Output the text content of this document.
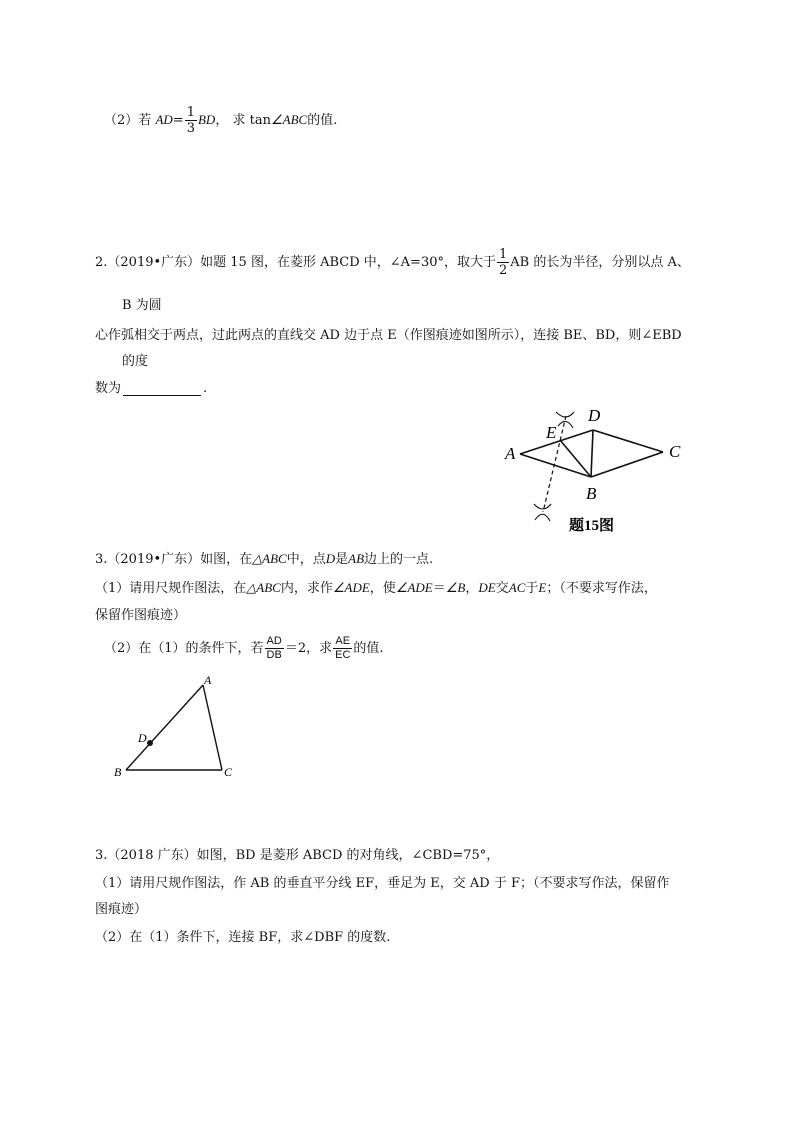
（2）若 $AD= \frac{1}{3}$ BD， 求 tan∠ABC的值.
2.（2019•广东）如题 15 图，在菱形 ABCD 中，∠A=30°，取大于 $\frac{1}{2}$ AB 的长为半径，分别以点 A、
B 为圆
心作弧相交于两点，过此两点的直线交 AD 边于点 E（作图痕迹如图所示），连接 BE、BD，则∠EBD
的度
数为	.
A
E
D
C
B
题15图
3.（2019•广东）如图，在△ABC中，点D是AB边上的一点.
（1）请用尺规作图法，在△ABC内，求作∠ADE，使∠ADE＝∠B，DE交AC于E；（不要求写作法，
保留作图痕迹）
（2）在（1）的条件下，若 $\frac{AD}{DB} =2$，求 $\frac{AE}{EC}$ 的值.
A
D
B	C
3.（2018 广东）如图，BD 是菱形 ABCD 的对角线，∠CBD=75°，
（1）请用尺规作图法，作 AB 的垂直平分线 EF，垂足为 E，交 AD 于 F；（不要求写作法，保留作
图痕迹）
（2）在（1）条件下，连接 BF，求∠DBF 的度数.
